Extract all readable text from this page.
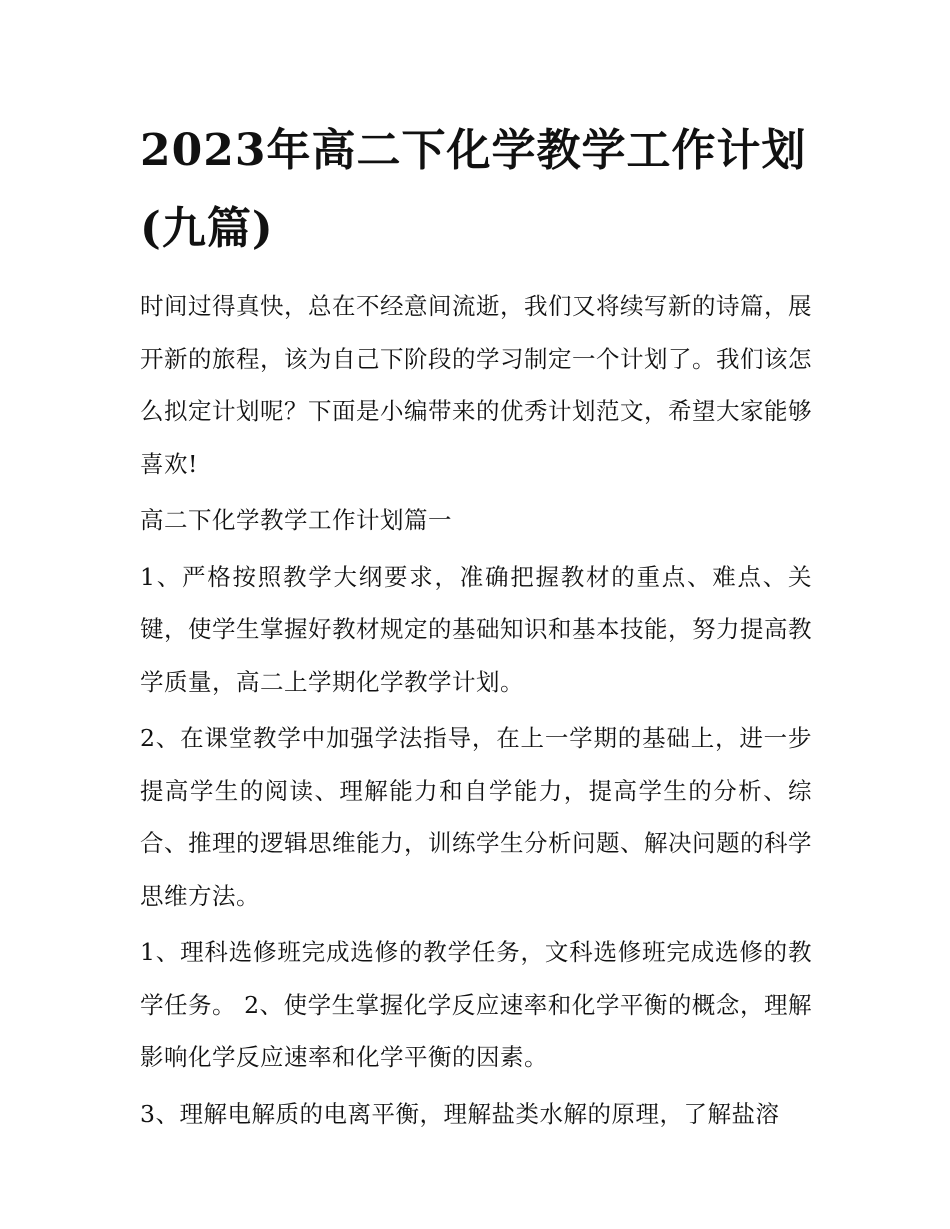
2023年高二下化学教学工作计划(九篇)

时间过得真快，总在不经意间流逝，我们又将续写新的诗篇，展开新的旅程，该为自己下阶段的学习制定一个计划了。我们该怎么拟定计划呢？下面是小编带来的优秀计划范文，希望大家能够喜欢!

高二下化学教学工作计划篇一

1、严格按照教学大纲要求，准确把握教材的重点、难点、关键，使学生掌握好教材规定的基础知识和基本技能，努力提高教学质量，高二上学期化学教学计划。

2、在课堂教学中加强学法指导，在上一学期的基础上，进一步提高学生的阅读、理解能力和自学能力，提高学生的分析、综合、推理的逻辑思维能力，训练学生分析问题、解决问题的科学思维方法。

1、理科选修班完成选修的教学任务，文科选修班完成选修的教学任务。 2、使学生掌握化学反应速率和化学平衡的概念，理解影响化学反应速率和化学平衡的因素。

3、理解电解质的电离平衡，理解盐类水解的原理，了解盐溶
